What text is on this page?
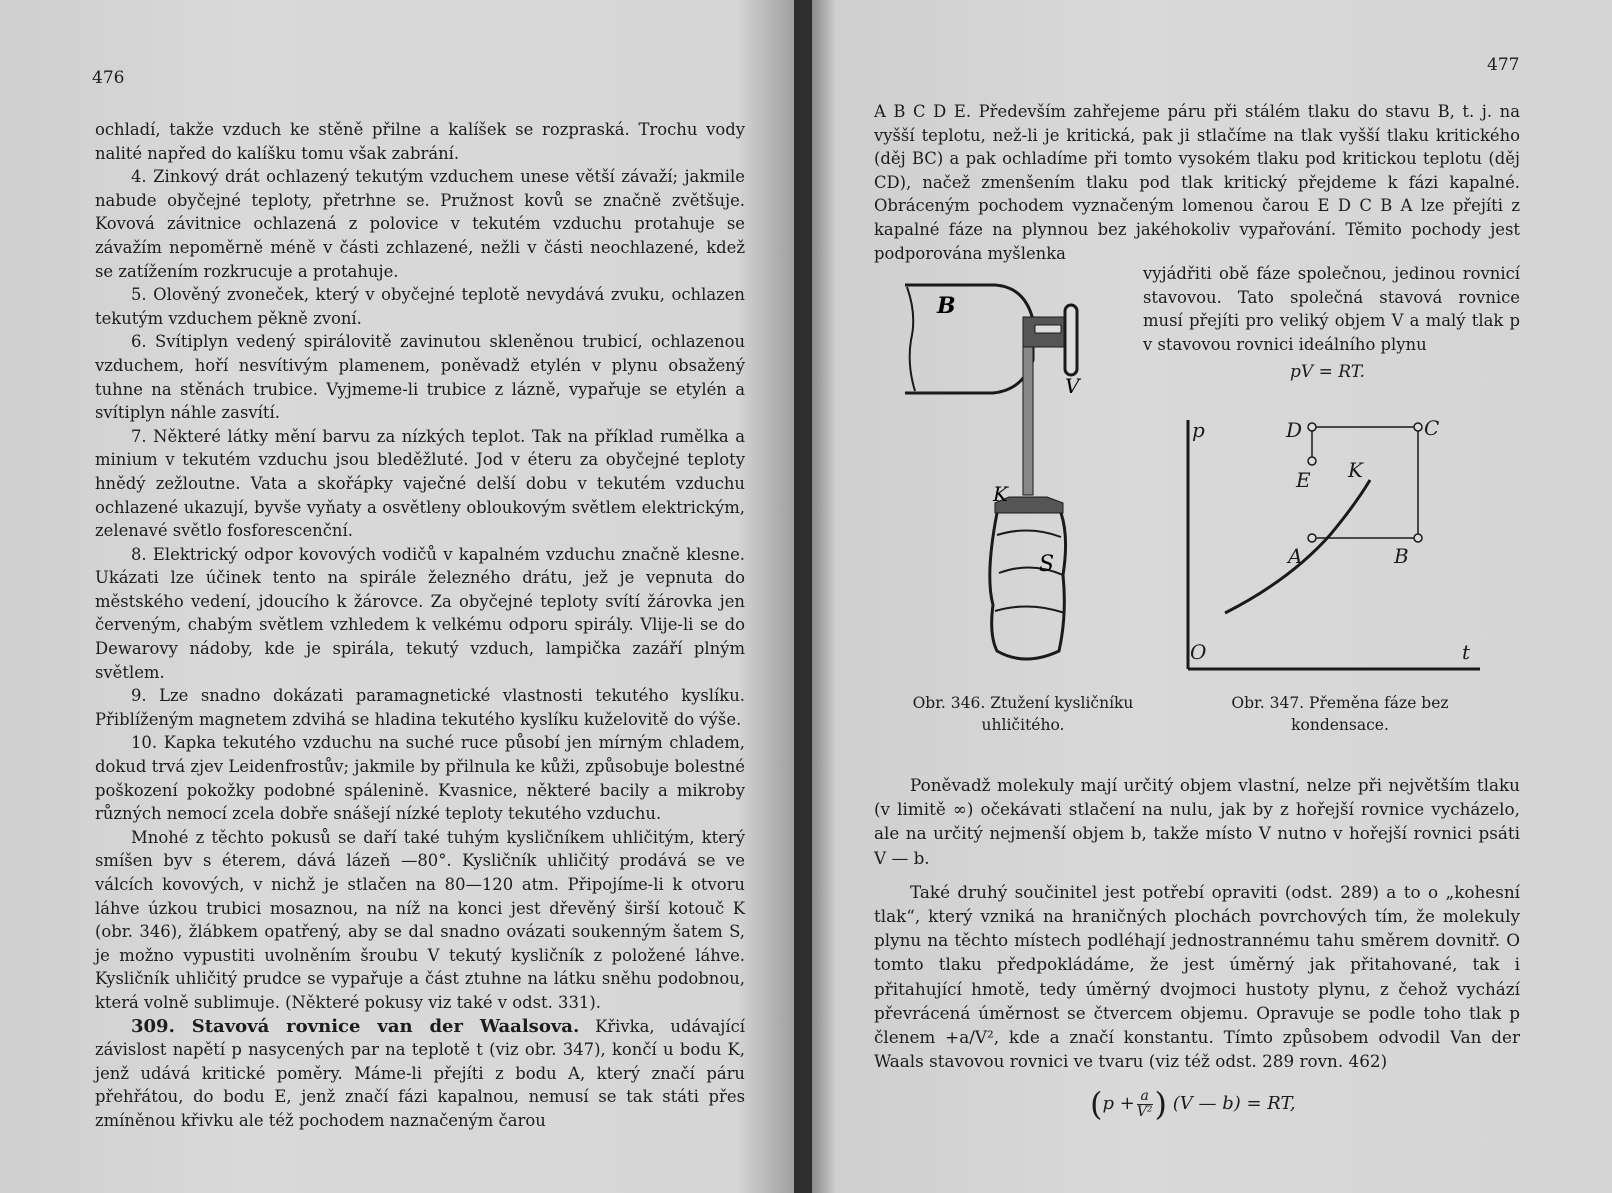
476

ochladí, takže vzduch ke stěně přilne a kalíšek se rozpraská. Trochu vody nalité napřed do kalíšku tomu však zabrání.

4. Zinkový drát ochlazený tekutým vzduchem unese větší závaží; jakmile nabude obyčejné teploty, přetrhne se. Pružnost kovů se značně zvětšuje. Kovová závitnice ochlazená z polovice v tekutém vzduchu protahuje se závažím nepoměrně méně v části zchlazené, nežli v části neochlazené, kdež se zatížením rozkrucuje a protahuje.

5. Olověný zvoneček, který v obyčejné teplotě nevydává zvuku, ochlazen tekutým vzduchem pěkně zvoní.

6. Svítiplyn vedený spirálovitě zavinutou skleněnou trubicí, ochlazenou vzduchem, hoří nesvítivým plamenem, poněvadž etylén v plynu obsažený tuhne na stěnách trubice. Vyjmeme-li trubice z lázně, vypařuje se etylén a svítiplyn náhle zasvítí.

7. Některé látky mění barvu za nízkých teplot. Tak na příklad rumělka a minium v tekutém vzduchu jsou bleděžluté. Jod v éteru za obyčejné teploty hnědý zežloutne. Vata a skořápky vaječné delší dobu v tekutém vzduchu ochlazené ukazují, byvše vyňaty a osvětleny obloukovým světlem elektrickým, zelenavé světlo fosforescenční.

8. Elektrický odpor kovových vodičů v kapalném vzduchu značně klesne. Ukázati lze účinek tento na spirále železného drátu, jež je vepnuta do městského vedení, jdoucího k žárovce. Za obyčejné teploty svítí žárovka jen červeným, chabým světlem vzhledem k velkému odporu spirály. Vlije-li se do Dewarovy nádoby, kde je spirála, tekutý vzduch, lampička zazáří plným světlem.

9. Lze snadno dokázati paramagnetické vlastnosti tekutého kyslíku. Přiblíženým magnetem zdvihá se hladina tekutého kyslíku kuželovitě do výše.

10. Kapka tekutého vzduchu na suché ruce působí jen mírným chladem, dokud trvá zjev Leidenfrostův; jakmile by přilnula ke kůži, způsobuje bolestné poškození pokožky podobné spálenině. Kvasnice, některé bacily a mikroby různých nemocí zcela dobře snášejí nízké teploty tekutého vzduchu.

Mnohé z těchto pokusů se daří také tuhým kysličníkem uhličitým, který smíšen byv s éterem, dává lázeň —80°. Kysličník uhličitý prodává se ve válcích kovových, v nichž je stlačen na 80—120 atm. Připojíme-li k otvoru láhve úzkou trubici mosaznou, na níž na konci jest dřevěný širší kotouč K (obr. 346), žlábkem opatřený, aby se dal snadno ovázati soukenným šatem S, je možno vypustiti uvolněním šroubu V tekutý kysličník z položené láhve. Kysličník uhličitý prudce se vypařuje a část ztuhne na látku sněhu podobnou, která volně sublimuje. (Některé pokusy viz také v odst. 331).

309. Stavová rovnice van der Waalsova. Křivka, udávající závislost napětí p nasycených par na teplotě t (viz obr. 347), končí u bodu K, jenž udává kritické poměry. Máme-li přejíti z bodu A, který značí páru přehřátou, do bodu E, jenž značí fázi kapalnou, nemusí se tak státi přes zmíněnou křivku ale též pochodem naznačeným čarou

477

A B C D E. Především zahřejeme páru při stálém tlaku do stavu B, t. j. na vyšší teplotu, než-li je kritická, pak ji stlačíme na tlak vyšší tlaku kritického (děj BC) a pak ochladíme při tomto vysokém tlaku pod kritickou teplotu (děj CD), načež zmenšením tlaku pod tlak kritický přejdeme k fázi kapalné. Obráceným pochodem vyznačeným lomenou čarou E D C B A lze přejíti z kapalné fáze na plynnou bez jakéhokoliv vypařování. Těmito pochody jest podporována myšlenka

vyjádřiti obě fáze společnou, jedinou rovnicí stavovou. Tato společná stavová rovnice musí přejíti pro veliký objem V a malý tlak p v stavovou rovnici ideálního plynu

pV = RT.
B
V
K
S
p
O	t
D	C
E K
A	B
Obr. 346. Ztužení kysličníku uhličitého.
Obr. 347. Přeměna fáze bez kondensace.

Poněvadž molekuly mají určitý objem vlastní, nelze při největším tlaku (v limitě ∞) očekávati stlačení na nulu, jak by z hořejší rovnice vycházelo, ale na určitý nejmenší objem b, takže místo V nutno v hořejší rovnici psáti V — b.

Také druhý součinitel jest potřebí opraviti (odst. 289) a to o „kohesní tlak“, který vzniká na hraničných plochách povrchových tím, že molekuly plynu na těchto místech podléhají jednostrannému tahu směrem dovnitř. O tomto tlaku předpokládáme, že jest úměrný jak přitahované, tak i přitahující hmotě, tedy úměrný dvojmoci hustoty plynu, z čehož vychází převrácená úměrnost se čtvercem objemu. Opravuje se podle toho tlak p členem +a/V², kde a značí konstantu. Tímto způsobem odvodil Van der Waals stavovou rovnici ve tvaru (viz též odst. 289 rovn. 462)

($p + \frac{a}{\text{V²}}$ ) (V — b) = RT,
